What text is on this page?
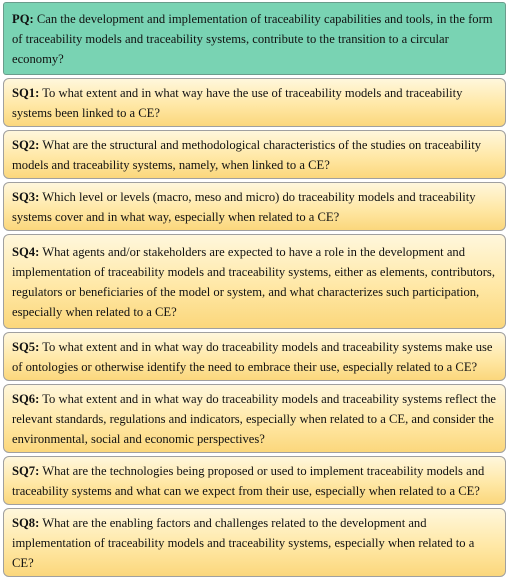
PQ: Can the development and implementation of traceability capabilities and tools, in the form of traceability models and traceability systems, contribute to the transition to a circular economy?
SQ1: To what extent and in what way have the use of traceability models and traceability systems been linked to a CE?
SQ2: What are the structural and methodological characteristics of the studies on traceability models and traceability systems, namely, when linked to a CE?
SQ3: Which level or levels (macro, meso and micro) do traceability models and traceability systems cover and in what way, especially when related to a CE?
SQ4: What agents and/or stakeholders are expected to have a role in the development and implementation of traceability models and traceability systems, either as elements, contributors, regulators or beneficiaries of the model or system, and what characterizes such participation, especially when related to a CE?
SQ5: To what extent and in what way do traceability models and traceability systems make use of ontologies or otherwise identify the need to embrace their use, especially related to a CE?
SQ6: To what extent and in what way do traceability models and traceability systems reflect the relevant standards, regulations and indicators, especially when related to a CE, and consider the environmental, social and economic perspectives?
SQ7: What are the technologies being proposed or used to implement traceability models and traceability systems and what can we expect from their use, especially when related to a CE?
SQ8: What are the enabling factors and challenges related to the development and implementation of traceability models and traceability systems, especially when related to a CE?
